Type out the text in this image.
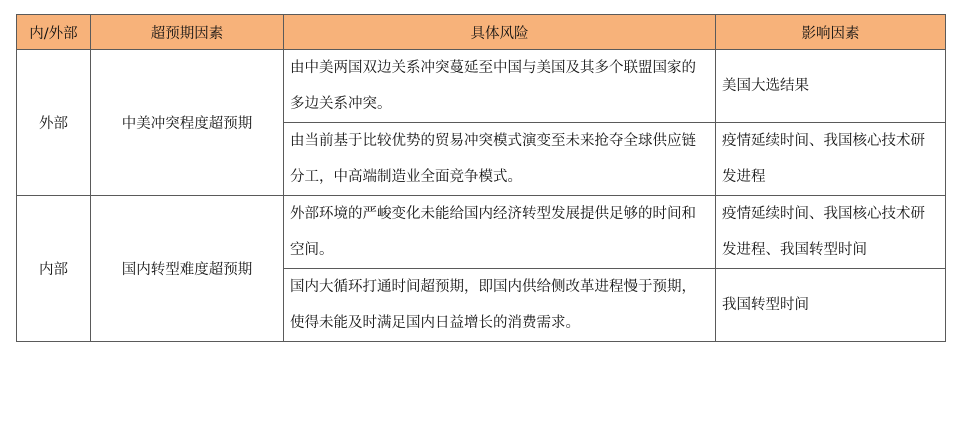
内/外部	超预期因素	具体风险	影响因素
外部	中美冲突程度超预期	由中美两国双边关系冲突蔓延至中国与美国及其多个联盟国家的多边关系冲突。	美国大选结果
		由当前基于比较优势的贸易冲突模式演变至未来抢夺全球供应链分工，中高端制造业全面竞争模式。	疫情延续时间、我国核心技术研发进程
内部	国内转型难度超预期	外部环境的严峻变化未能给国内经济转型发展提供足够的时间和空间。	疫情延续时间、我国核心技术研发进程、我国转型时间
		国内大循环打通时间超预期，即国内供给侧改革进程慢于预期，使得未能及时满足国内日益增长的消费需求。	我国转型时间
